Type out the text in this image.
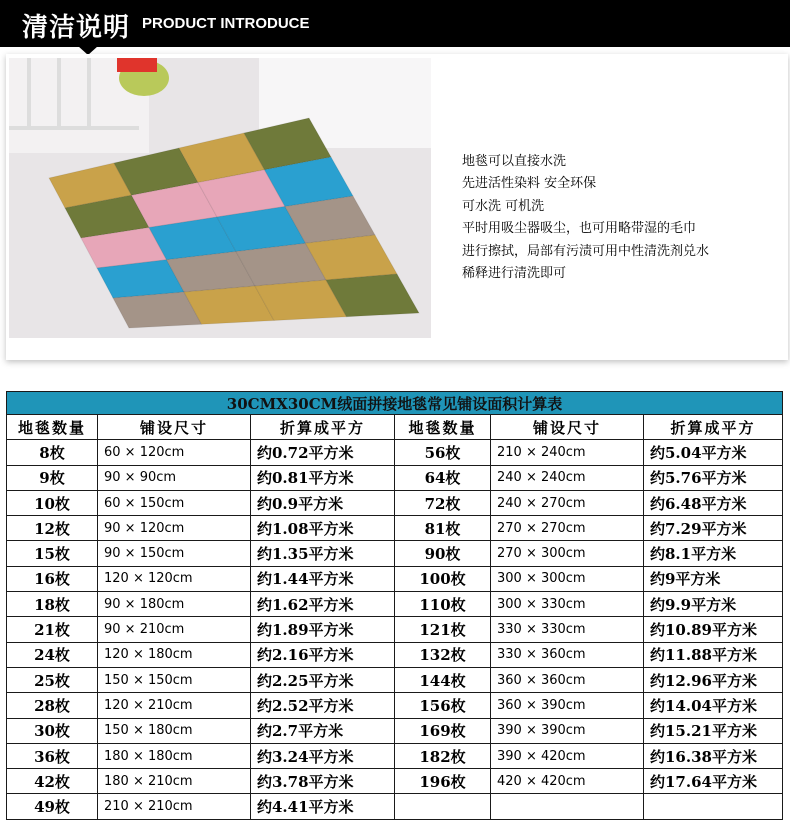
清洁说明 PRODUCT INTRODUCE
地毯可以直接水洗
先进活性染料 安全环保
可水洗 可机洗
平时用吸尘器吸尘，也可用略带湿的毛巾
进行擦拭，局部有污渍可用中性清洗剂兑水
稀释进行清洗即可
30CMX30CM绒面拼接地毯常见铺设面积计算表					
地毯数量	铺设尺寸	折算成平方	地毯数量	铺设尺寸	折算成平方
8枚	60 × 120cm	约0.72平方米	56枚	210 × 240cm	约5.04平方米
9枚	90 × 90cm	约0.81平方米	64枚	240 × 240cm	约5.76平方米
10枚	60 × 150cm	约0.9平方米	72枚	240 × 270cm	约6.48平方米
12枚	90 × 120cm	约1.08平方米	81枚	270 × 270cm	约7.29平方米
15枚	90 × 150cm	约1.35平方米	90枚	270 × 300cm	约8.1平方米
16枚	120 × 120cm	约1.44平方米	100枚	300 × 300cm	约9平方米
18枚	90 × 180cm	约1.62平方米	110枚	300 × 330cm	约9.9平方米
21枚	90 × 210cm	约1.89平方米	121枚	330 × 330cm	约10.89平方米
24枚	120 × 180cm	约2.16平方米	132枚	330 × 360cm	约11.88平方米
25枚	150 × 150cm	约2.25平方米	144枚	360 × 360cm	约12.96平方米
28枚	120 × 210cm	约2.52平方米	156枚	360 × 390cm	约14.04平方米
30枚	150 × 180cm	约2.7平方米	169枚	390 × 390cm	约15.21平方米
36枚	180 × 180cm	约3.24平方米	182枚	390 × 420cm	约16.38平方米
42枚	180 × 210cm	约3.78平方米	196枚	420 × 420cm	约17.64平方米
49枚	210 × 210cm	约4.41平方米			
